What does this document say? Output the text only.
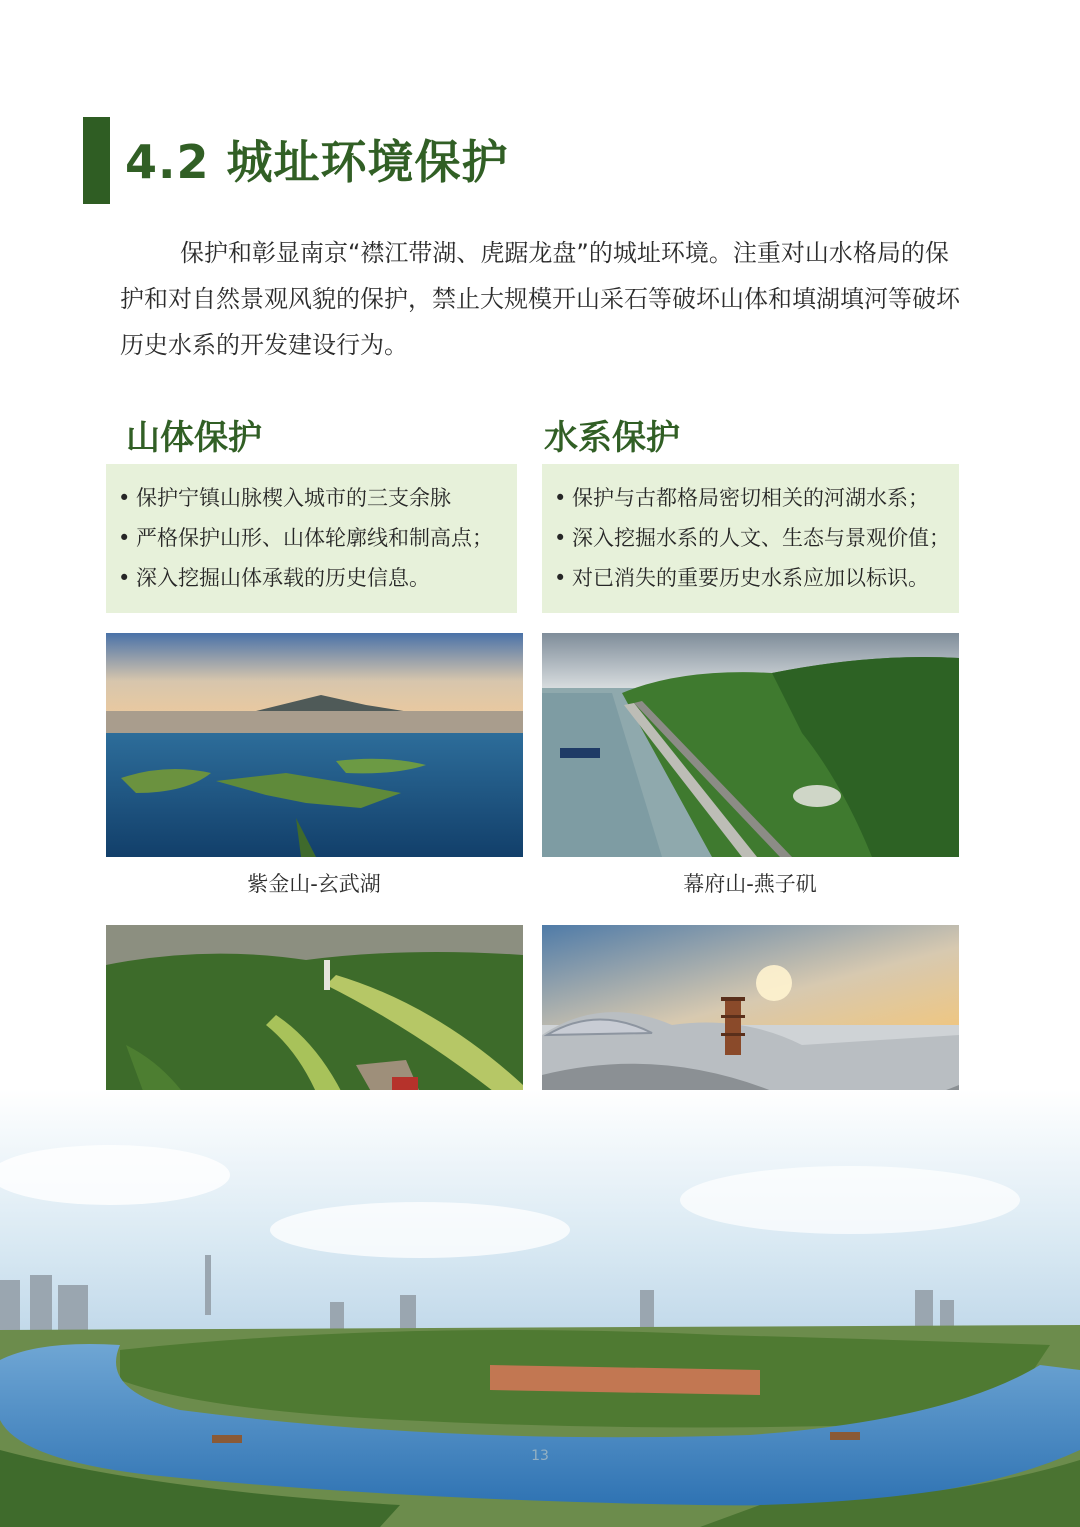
4.2 城址环境保护

保护和彰显南京“襟江带湖、虎踞龙盘”的城址环境。注重对山水格局的保护和对自然景观风貌的保护，禁止大规模开山采石等破坏山体和填湖填河等破坏历史水系的开发建设行为。

山体保护
• 保护宁镇山脉楔入城市的三支余脉
• 严格保护山形、山体轮廓线和制高点；
• 深入挖掘山体承载的历史信息。
水系保护
• 保护与古都格局密切相关的河湖水系；
• 深入挖掘水系的人文、生态与景观价值；
• 对已消失的重要历史水系应加以标识。

紫金山-玄武湖	幕府山-燕子矶

13
